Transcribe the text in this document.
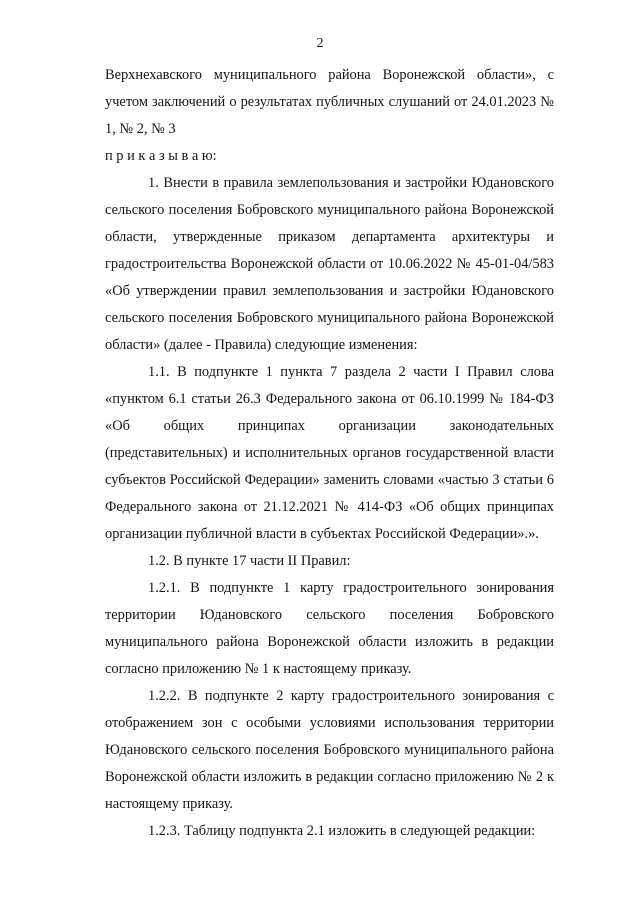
2

Верхнехавского муниципального района Воронежской области», с учетом заключений о результатах публичных слушаний от 24.01.2023 № 1, № 2, № 3

п р и к а з ы в а ю:

1. Внести в правила землепользования и застройки Юдановского сельского поселения Бобровского муниципального района Воронежской области, утвержденные приказом департамента архитектуры и градостроительства Воронежской области от 10.06.2022 № 45-01-04/583 «Об утверждении правил землепользования и застройки Юдановского сельского поселения Бобровского муниципального района Воронежской области» (далее - Правила) следующие изменения:

1.1. В подпункте 1 пункта 7 раздела 2 части I Правил слова «пунктом 6.1 статьи 26.3 Федерального закона от 06.10.1999 № 184-ФЗ «Об общих принципах организации законодательных (представительных) и исполнительных органов государственной власти субъектов Российской Федерации» заменить словами «частью 3 статьи 6 Федерального закона от 21.12.2021 № 414-ФЗ «Об общих принципах организации публичной власти в субъектах Российской Федерации».».

1.2. В пункте 17 части II Правил:

1.2.1. В подпункте 1 карту градостроительного зонирования территории Юдановского сельского поселения Бобровского муниципального района Воронежской области изложить в редакции согласно приложению № 1 к настоящему приказу.

1.2.2. В подпункте 2 карту градостроительного зонирования с отображением зон с особыми условиями использования территории Юдановского сельского поселения Бобровского муниципального района Воронежской области изложить в редакции согласно приложению № 2 к настоящему приказу.

1.2.3. Таблицу подпункта 2.1 изложить в следующей редакции:
